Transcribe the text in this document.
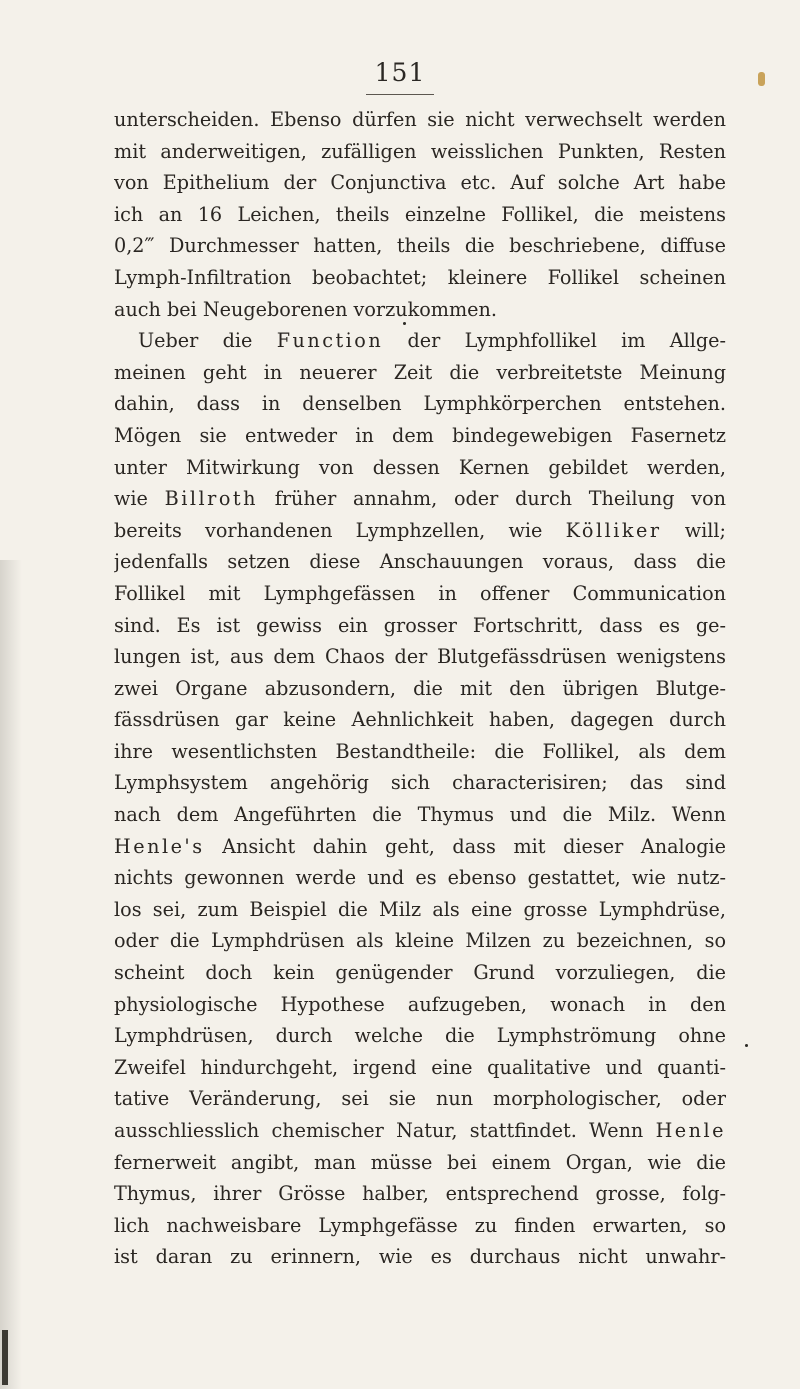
151
unterscheiden. Ebenso dürfen sie nicht verwechselt werden
mit anderweitigen, zufälligen weisslichen Punkten, Resten
von Epithelium der Conjunctiva etc. Auf solche Art habe
ich an 16 Leichen, theils einzelne Follikel, die meistens
0,2‴ Durchmesser hatten, theils die beschriebene, diffuse
Lymph-Infiltration beobachtet; kleinere Follikel scheinen
auch bei Neugeborenen vorzukommen.
Ueber die Function der Lymphfollikel im Allge-
meinen geht in neuerer Zeit die verbreitetste Meinung
dahin, dass in denselben Lymphkörperchen entstehen.
Mögen sie entweder in dem bindegewebigen Fasernetz
unter Mitwirkung von dessen Kernen gebildet werden,
wie Billroth früher annahm, oder durch Theilung von
bereits vorhandenen Lymphzellen, wie Kölliker will;
jedenfalls setzen diese Anschauungen voraus, dass die
Follikel mit Lymphgefässen in offener Communication
sind. Es ist gewiss ein grosser Fortschritt, dass es ge-
lungen ist, aus dem Chaos der Blutgefässdrüsen wenigstens
zwei Organe abzusondern, die mit den übrigen Blutge-
fässdrüsen gar keine Aehnlichkeit haben, dagegen durch
ihre wesentlichsten Bestandtheile: die Follikel, als dem
Lymphsystem angehörig sich characterisiren; das sind
nach dem Angeführten die Thymus und die Milz. Wenn
Henle's Ansicht dahin geht, dass mit dieser Analogie
nichts gewonnen werde und es ebenso gestattet, wie nutz-
los sei, zum Beispiel die Milz als eine grosse Lymphdrüse,
oder die Lymphdrüsen als kleine Milzen zu bezeichnen, so
scheint doch kein genügender Grund vorzuliegen, die
physiologische Hypothese aufzugeben, wonach in den
Lymphdrüsen, durch welche die Lymphströmung ohne
Zweifel hindurchgeht, irgend eine qualitative und quanti-
tative Veränderung, sei sie nun morphologischer, oder
ausschliesslich chemischer Natur, stattfindet. Wenn Henle
fernerweit angibt, man müsse bei einem Organ, wie die
Thymus, ihrer Grösse halber, entsprechend grosse, folg-
lich nachweisbare Lymphgefässe zu finden erwarten, so
ist daran zu erinnern, wie es durchaus nicht unwahr-
